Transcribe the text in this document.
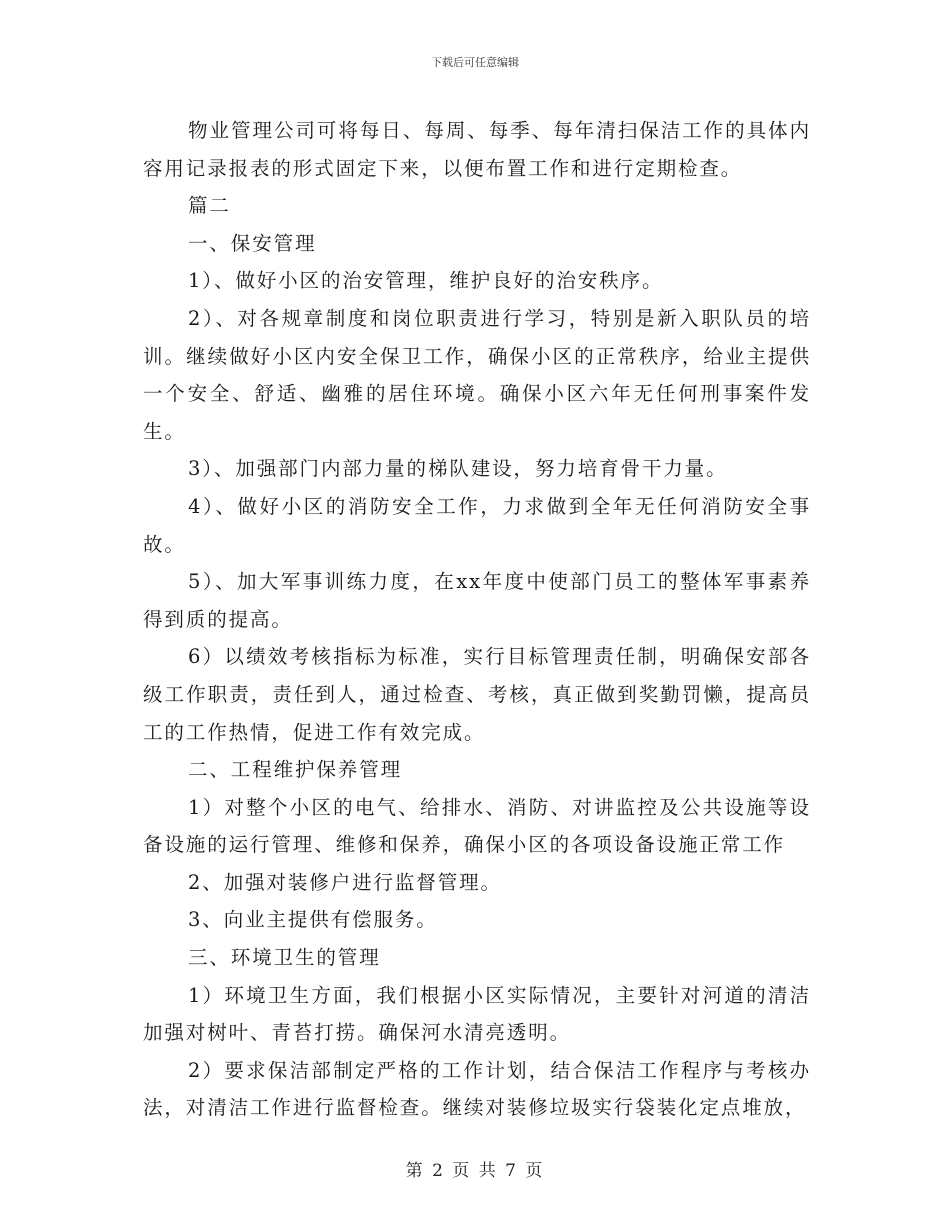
下载后可任意编辑

物业管理公司可将每日、每周、每季、每年清扫保洁工作的具体内容用记录报表的形式固定下来，以便布置工作和进行定期检查。

篇二

一、保安管理

1）、做好小区的治安管理，维护良好的治安秩序。

2）、对各规章制度和岗位职责进行学习，特别是新入职队员的培训。继续做好小区内安全保卫工作，确保小区的正常秩序，给业主提供一个安全、舒适、幽雅的居住环境。确保小区六年无任何刑事案件发生。

3）、加强部门内部力量的梯队建设，努力培育骨干力量。

4）、做好小区的消防安全工作，力求做到全年无任何消防安全事故。

5）、加大军事训练力度，在xx年度中使部门员工的整体军事素养得到质的提高。

6）以绩效考核指标为标准，实行目标管理责任制，明确保安部各级工作职责，责任到人，通过检查、考核，真正做到奖勤罚懒，提高员工的工作热情，促进工作有效完成。

二、工程维护保养管理

1）对整个小区的电气、给排水、消防、对讲监控及公共设施等设备设施的运行管理、维修和保养，确保小区的各项设备设施正常工作

2、加强对装修户进行监督管理。

3、向业主提供有偿服务。

三、环境卫生的管理

1）环境卫生方面，我们根据小区实际情况，主要针对河道的清洁加强对树叶、青苔打捞。确保河水清亮透明。

2）要求保洁部制定严格的工作计划，结合保洁工作程序与考核办法，对清洁工作进行监督检查。继续对装修垃圾实行袋装化定点堆放，

第 2 页 共 7 页
